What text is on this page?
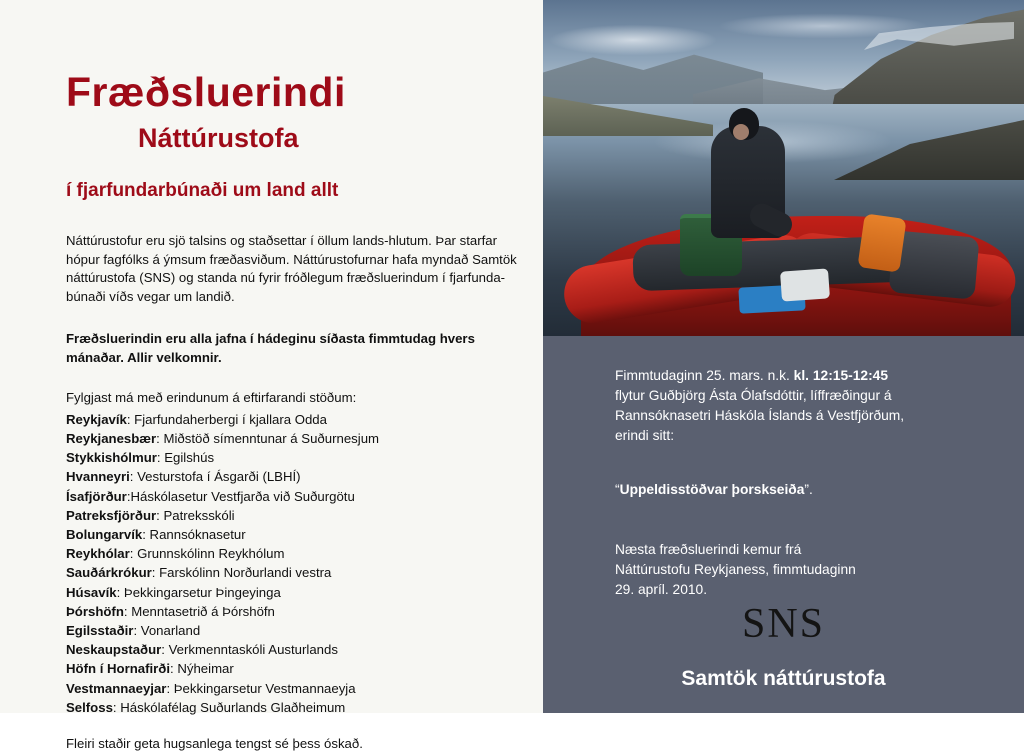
Fræðsluerindi
Náttúrustofa
í fjarfundarbúnaði um land allt

Náttúrustofur eru sjö talsins og staðsettar í öllum lands-hlutum. Þar starfar hópur fagfólks á ýmsum fræðasviðum. Náttúrustofurnar hafa myndað Samtök náttúrustofa (SNS) og standa nú fyrir fróðlegum fræðsluerindum í fjarfunda-búnaði víðs vegar um landið.

Fræðsluerindin eru alla jafna í hádeginu síðasta fimmtudag hvers mánaðar. Allir velkomnir.

Fylgjast má með erindunum á eftirfarandi stöðum:

Reykjavík: Fjarfundaherbergi í kjallara Odda
Reykjanesbær: Miðstöð símenntunar á Suðurnesjum
Stykkishólmur: Egilshús
Hvanneyri: Vesturstofa í Ásgarði (LBHÍ)
Ísafjörður:Háskólasetur Vestfjarða við Suðurgötu
Patreksfjörður: Patreksskóli
Bolungarvík: Rannsóknasetur
Reykhólar: Grunnskólinn Reykhólum
Sauðárkrókur: Farskólinn Norðurlandi vestra
Húsavík: Þekkingarsetur Þingeyinga
Þórshöfn: Menntasetrið á Þórshöfn
Egilsstaðir: Vonarland
Neskaupstaður: Verkmenntaskóli Austurlands
Höfn í Hornafirði: Nýheimar
Vestmannaeyjar: Þekkingarsetur Vestmannaeyja
Selfoss: Háskólafélag Suðurlands Glaðheimum

Fleiri staðir geta hugsanlega tengst sé þess óskað.

Fimmtudaginn 25. mars. n.k. kl. 12:15-12:45
flytur Guðbjörg Ásta Ólafsdóttir, líffræðingur á
Rannsóknasetri Háskóla Íslands á Vestfjörðum,
erindi sitt:

“Uppeldisstöðvar þorskseiða”.

Næsta fræðsluerindi kemur frá
Náttúrustofu Reykjaness, fimmtudaginn
29. apríl. 2010.

SNS

Samtök náttúrustofa
